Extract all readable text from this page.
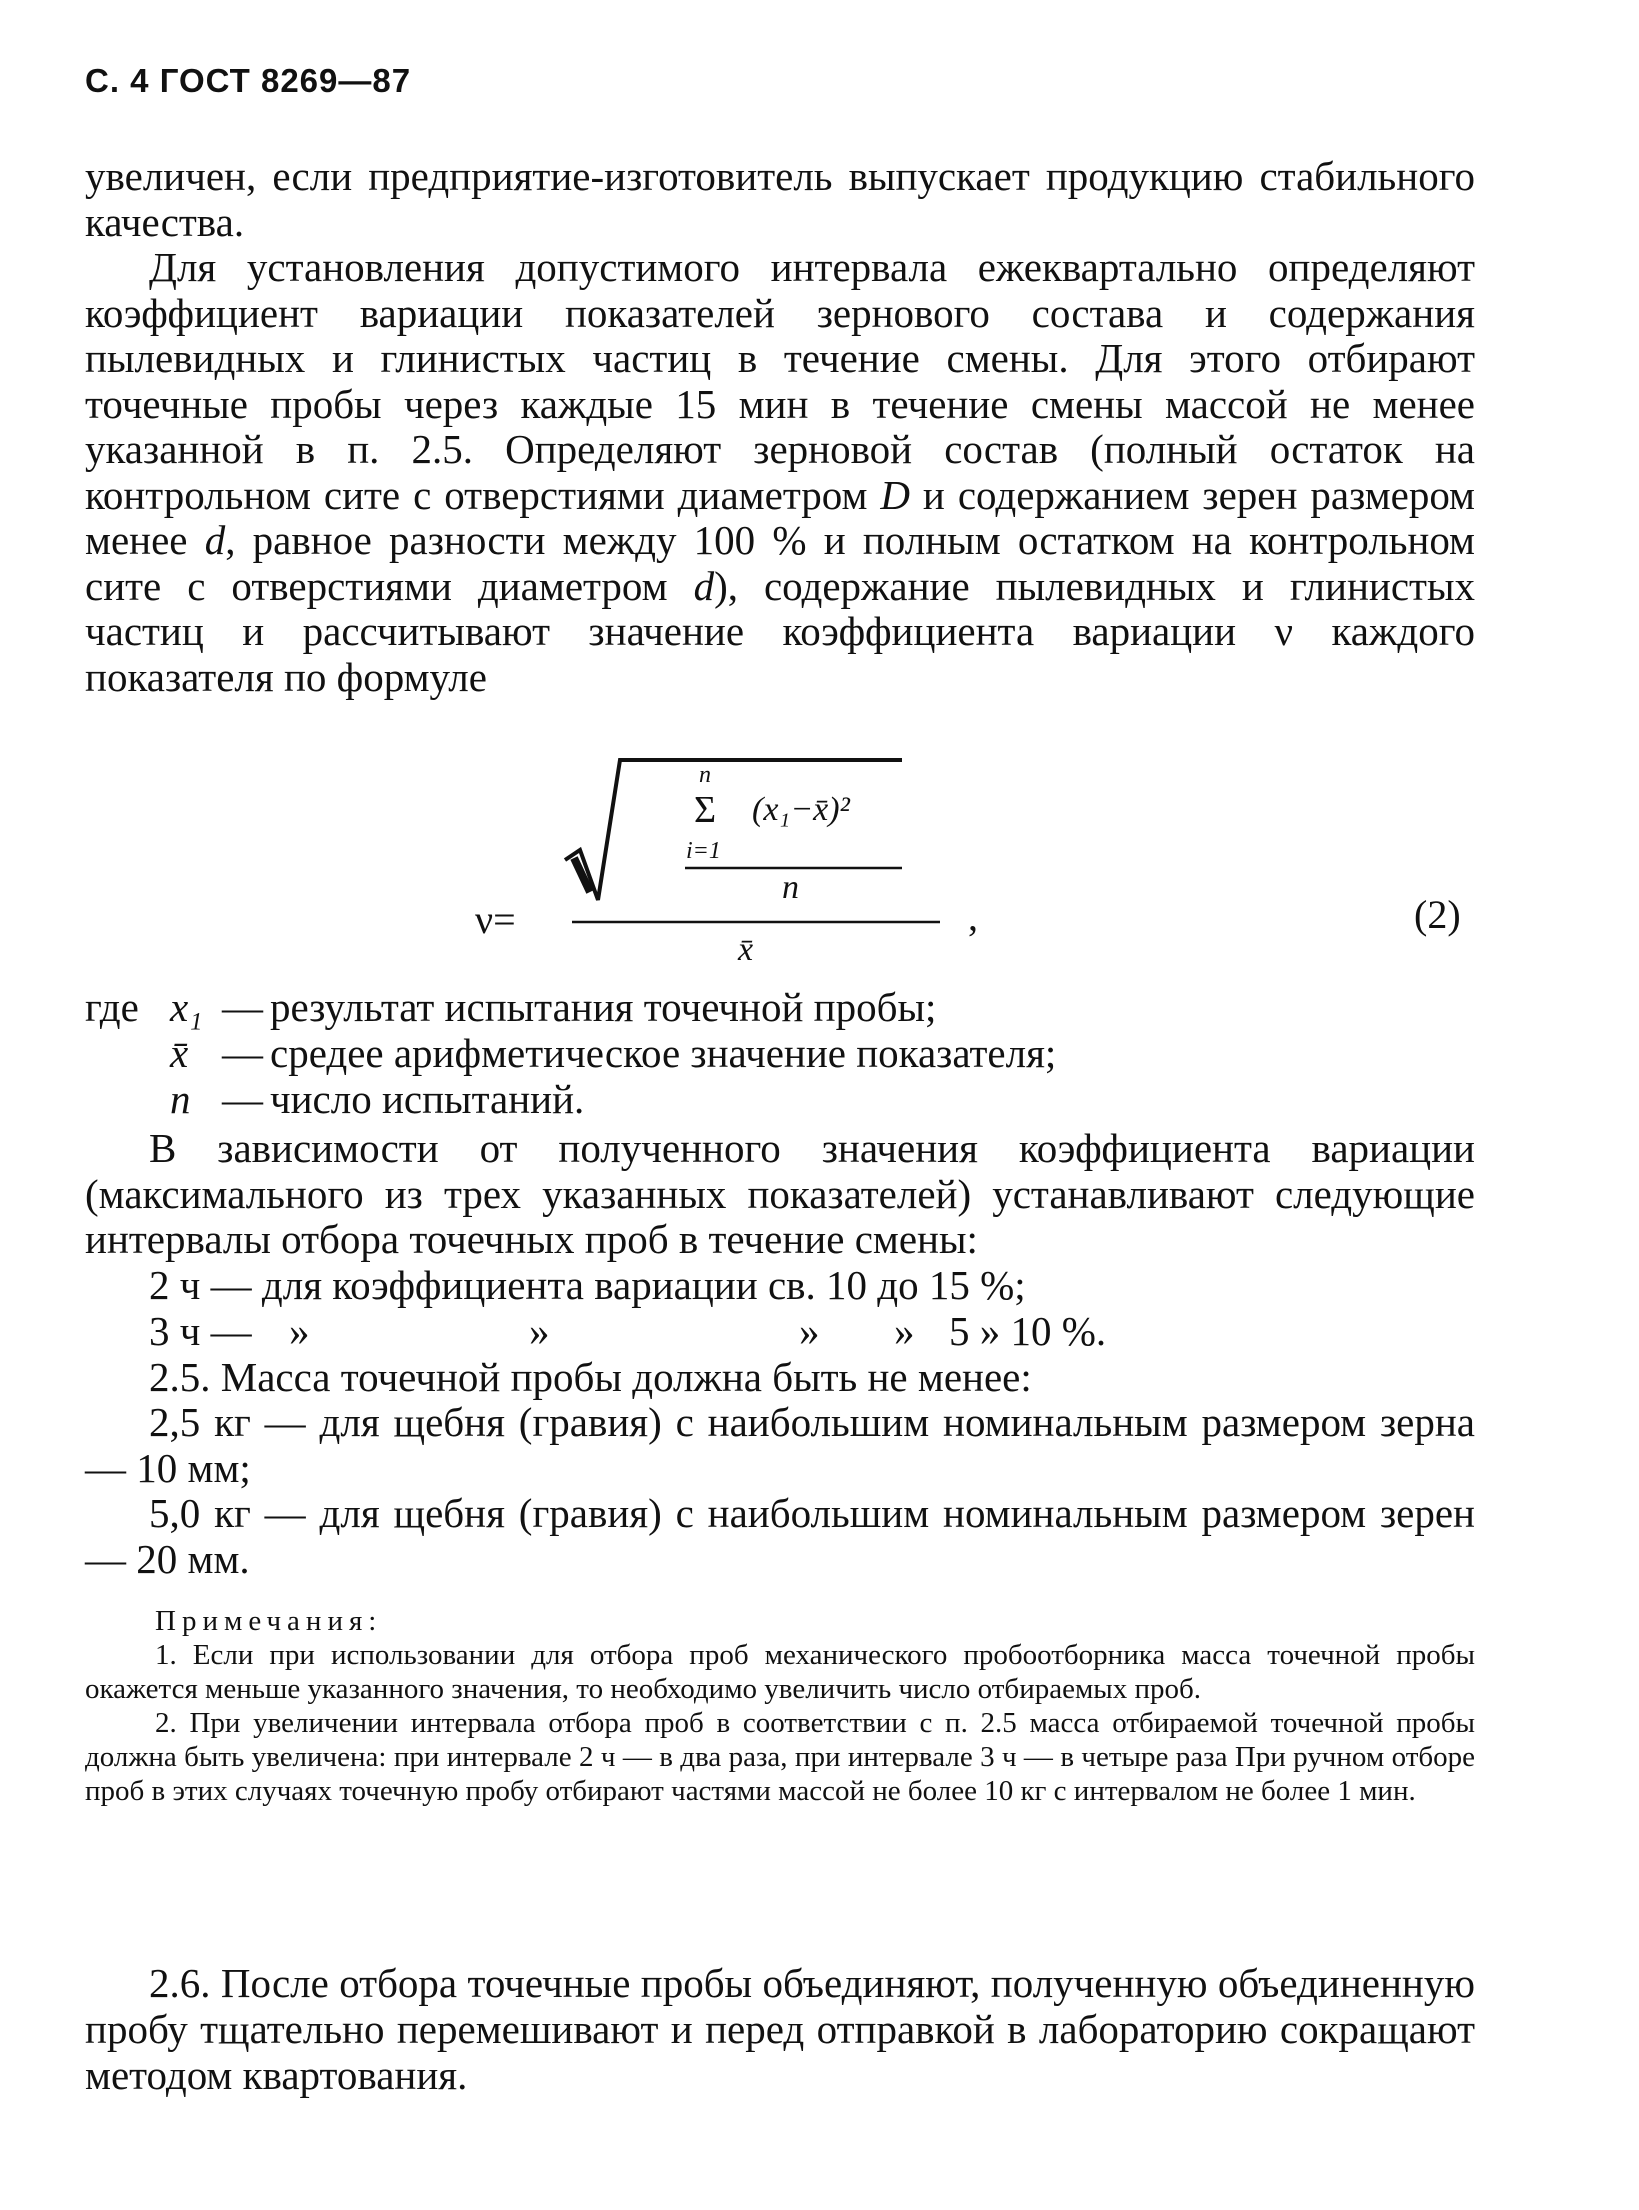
С. 4 ГОСТ 8269—87

увеличен, если предприятие-изготовитель выпускает продукцию стабильного качества.

Для установления допустимого интервала ежеквартально определяют коэффициент вариации показателей зернового состава и содержания пылевидных и глинистых частиц в течение смены. Для этого отбирают точечные пробы через каждые 15 мин в течение смены массой не менее указанной в п. 2.5. Определяют зерновой состав (полный остаток на контрольном сите с отверстиями диаметром D и содержанием зерен размером менее d, равное разности между 100 % и полным остатком на контрольном сите с отверстиями диаметром d), содержание пылевидных и глинистых частиц и рассчитывают значение коэффициента вариации ν каждого показателя по формуле

ν=
n
Σ
i=1
(x₁−x̄)²
n
x̄
,	(2)
где x₁ — результат испытания точечной пробы;
x̄ — средее арифметическое значение показателя;
n — число испытаний.

В зависимости от полученного значения коэффициента вариации (максимального из трех указанных показателей) устанавливают следующие интервалы отбора точечных проб в течение смены:

2 ч — для коэффициента вариации св. 10 до 15 %;
3 ч — »	»	»	» 5 » 10 %.

2.5. Масса точечной пробы должна быть не менее:

2,5 кг — для щебня (гравия) с наибольшим номинальным размером зерна — 10 мм;

5,0 кг — для щебня (гравия) с наибольшим номинальным размером зерен — 20 мм.

Примечания:

1. Если при использовании для отбора проб механического пробоотборника масса точечной пробы окажется меньше указанного значения, то необходимо увеличить число отбираемых проб.

2. При увеличении интервала отбора проб в соответствии с п. 2.5 масса отбираемой точечной пробы должна быть увеличена: при интервале 2 ч — в два раза, при интервале 3 ч — в четыре раза При ручном отборе проб в этих случаях точечную пробу отбирают частями массой не более 10 кг с интервалом не более 1 мин.

2.6. После отбора точечные пробы объединяют, полученную объединенную пробу тщательно перемешивают и перед отправкой в лабораторию сокращают методом квартования.
